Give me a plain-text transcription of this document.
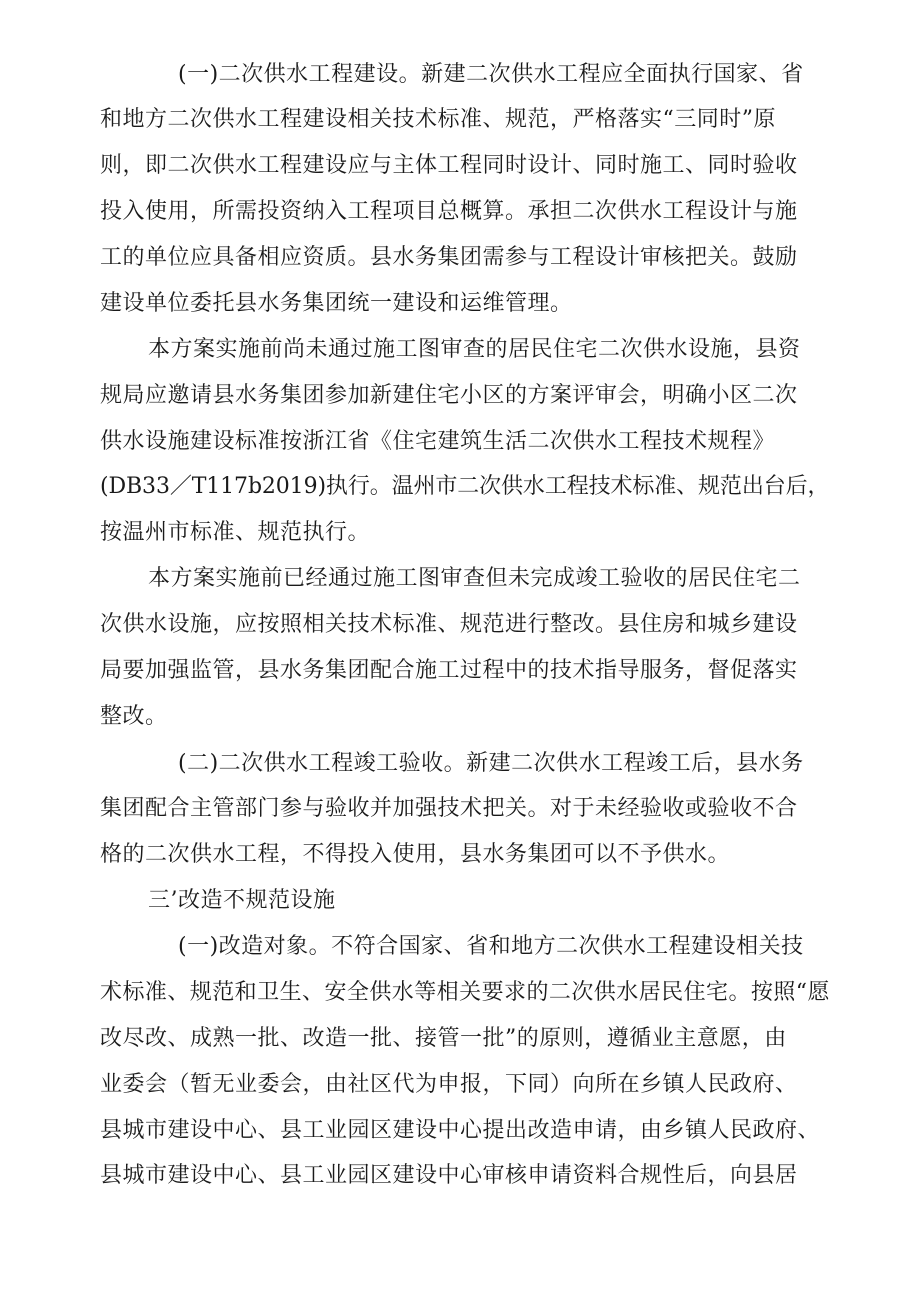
(一)二次供水工程建设。新建二次供水工程应全面执行国家、省
和地方二次供水工程建设相关技术标准、规范，严格落实“三同时”原
则，即二次供水工程建设应与主体工程同时设计、同时施工、同时验收
投入使用，所需投资纳入工程项目总概算。承担二次供水工程设计与施
工的单位应具备相应资质。县水务集团需参与工程设计审核把关。鼓励
建设单位委托县水务集团统一建设和运维管理。
本方案实施前尚未通过施工图审查的居民住宅二次供水设施，县资
规局应邀请县水务集团参加新建住宅小区的方案评审会，明确小区二次
供水设施建设标准按浙江省《住宅建筑生活二次供水工程技术规程》
(DB33／T117b2019)执行。温州市二次供水工程技术标准、规范出台后，
按温州市标准、规范执行。
本方案实施前已经通过施工图审查但未完成竣工验收的居民住宅二
次供水设施，应按照相关技术标准、规范进行整改。县住房和城乡建设
局要加强监管，县水务集团配合施工过程中的技术指导服务，督促落实
整改。
(二)二次供水工程竣工验收。新建二次供水工程竣工后，县水务
集团配合主管部门参与验收并加强技术把关。对于未经验收或验收不合
格的二次供水工程，不得投入使用，县水务集团可以不予供水。
三’改造不规范设施
(一)改造对象。不符合国家、省和地方二次供水工程建设相关技
术标准、规范和卫生、安全供水等相关要求的二次供水居民住宅。按照“愿
改尽改、成熟一批、改造一批、接管一批”的原则，遵循业主意愿，由
业委会（暂无业委会，由社区代为申报，下同）向所在乡镇人民政府、
县城市建设中心、县工业园区建设中心提出改造申请，由乡镇人民政府、
县城市建设中心、县工业园区建设中心审核申请资料合规性后，向县居
